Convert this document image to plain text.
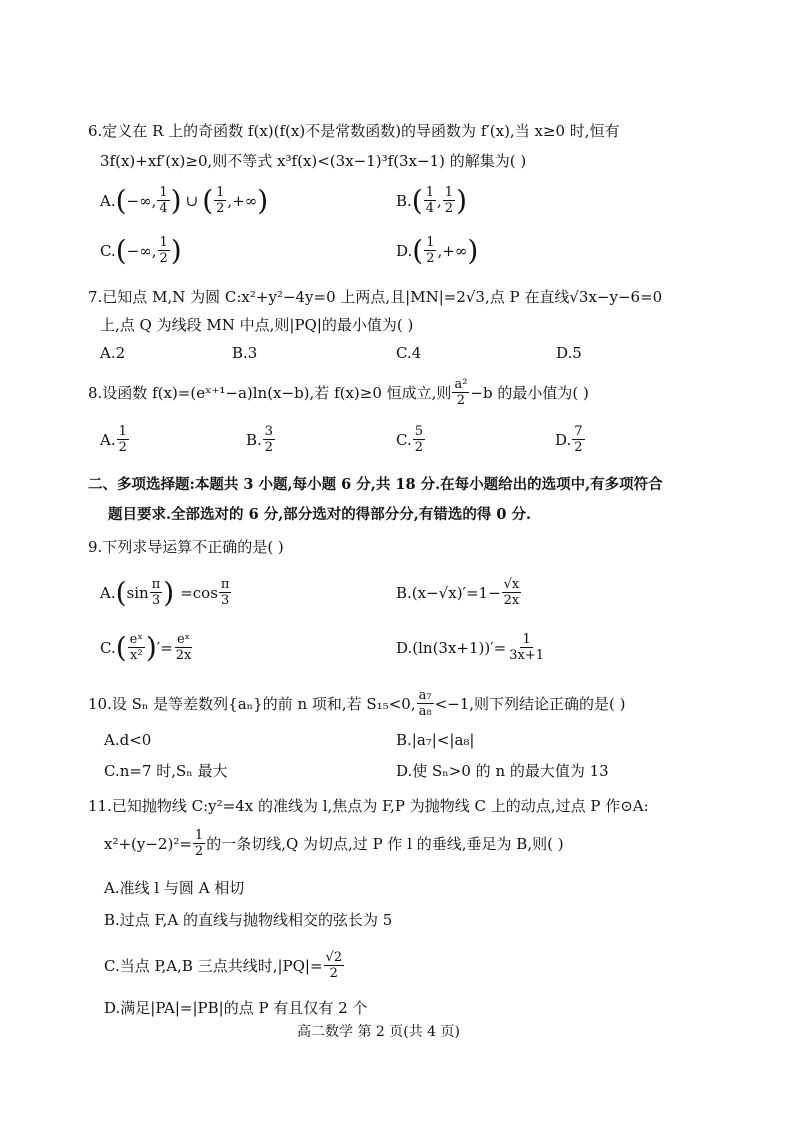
6.定义在 R 上的奇函数 f(x)(f(x)不是常数函数)的导函数为 f′(x),当 x≥0 时,恒有
3f(x)+xf′(x)≥0,则不等式 x³f(x)<(3x−1)³f(3x−1) 的解集为( )
A. ( −∞, $\frac{1}{4}$ ) ∪ ( $\frac{1}{2}$ ,+∞ )	B. ( $\frac{1}{4}$ , $\frac{1}{2}$ )
C. ( −∞, $\frac{1}{2}$ )	D. ( $\frac{1}{2}$ ,+∞ )
7.已知点 M,N 为圆 C:x²+y²−4y=0 上两点,且|MN|=2√3,点 P 在直线√3x−y−6=0
上,点 Q 为线段 MN 中点,则|PQ|的最小值为( )
A.2	B.3	C.4	D.5
8.设函数 f(x)=(eˣ⁺¹−a)ln(x−b),若 f(x)≥0 恒成立,则 $\frac{\text{a²}}{2} -b$ 的最小值为( )
A. $\frac{1}{2}$	B. $\frac{3}{2}$	C. $\frac{5}{2}$	D. $\frac{7}{2}$
二、多项选择题:本题共 3 小题,每小题 6 分,共 18 分.在每小题给出的选项中,有多项符合
题目要求.全部选对的 6 分,部分选对的得部分分,有错选的得 0 分.
9.下列求导运算不正确的是( )
A. ( $\sin \frac{\pi}{3}$ ) $=\cos \frac{\pi}{3}$	B. $(x-√x)'=1- \frac{√x}{2x}$
C. ( $\frac{\text{eˣ}}{\text{x²}}$ ) ′= $\frac{\text{eˣ}}{2x}$	D. $(\ln(3x+1))'= \frac{1}{3x+1}$
10.设 Sₙ 是等差数列{aₙ}的前 n 项和,若 S₁₅<0, $\frac{\text{a₇}}{\text{a₈}} <-1$,则下列结论正确的是( )
A.d<0	B.|a₇|<|a₈|
C.n=7 时,Sₙ 最大	D.使 Sₙ>0 的 n 的最大值为 13
11.已知抛物线 C:y²=4x 的准线为 l,焦点为 F,P 为抛物线 C 上的动点,过点 P 作⊙A:
$x^2+(y-2)^2= \frac{1}{2}$ 的一条切线,Q 为切点,过 P 作 l 的垂线,垂足为 B,则( )
A.准线 l 与圆 A 相切
B.过点 F,A 的直线与抛物线相交的弦长为 5
C.当点 P,A,B 三点共线时$,|PQ|= \frac{√2}{2}$
D.满足|PA|=|PB|的点 P 有且仅有 2 个
高二数学 第 2 页(共 4 页)
